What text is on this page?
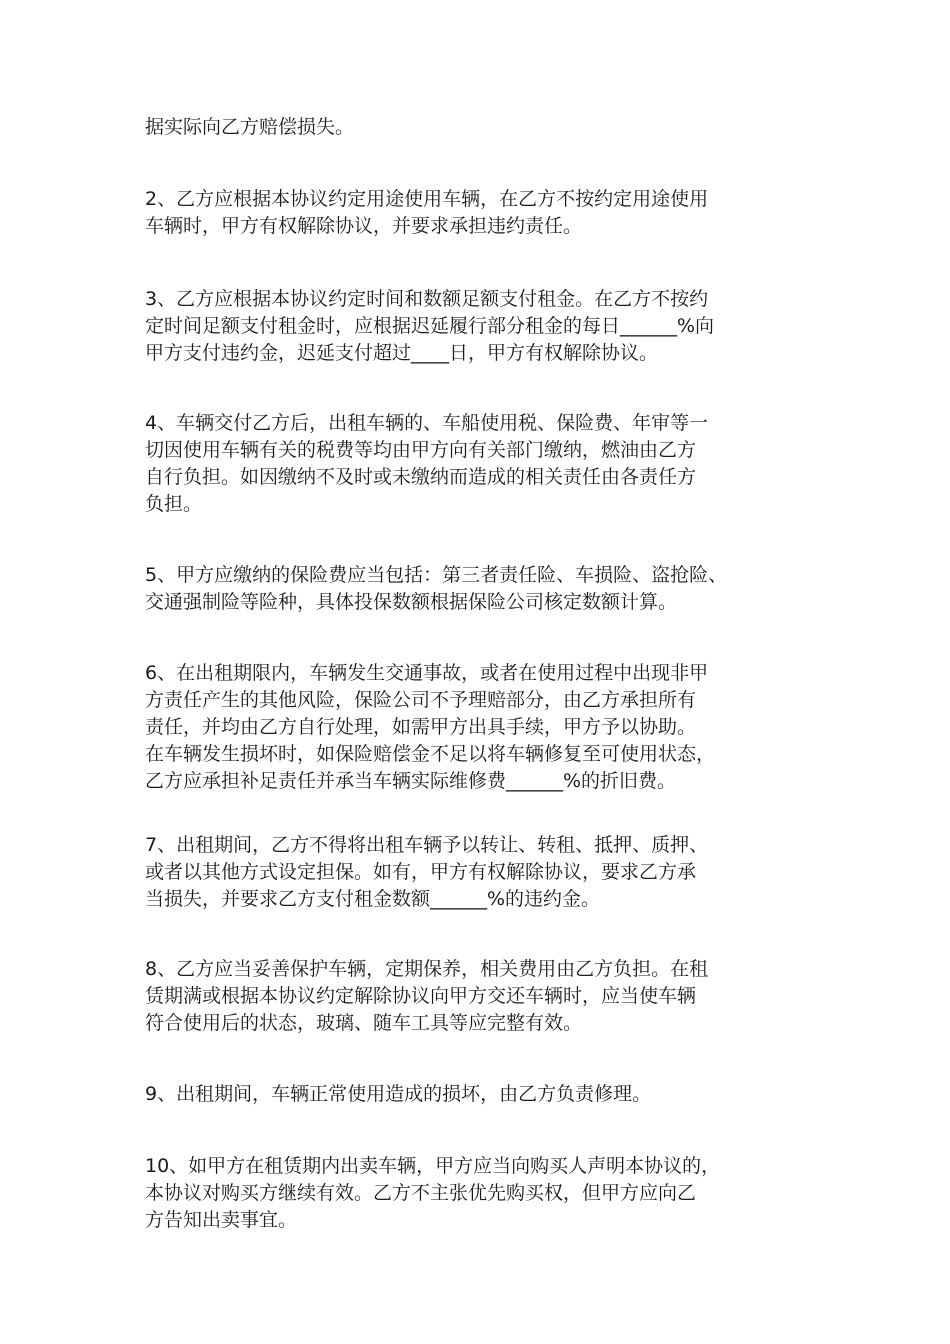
据实际向乙方赔偿损失。
2、乙方应根据本协议约定用途使用车辆，在乙方不按约定用途使用
车辆时，甲方有权解除协议，并要求承担违约责任。
3、乙方应根据本协议约定时间和数额足额支付租金。在乙方不按约
定时间足额支付租金时，应根据迟延履行部分租金的每日______%向
甲方支付违约金，迟延支付超过____日，甲方有权解除协议。
4、车辆交付乙方后，出租车辆的、车船使用税、保险费、年审等一
切因使用车辆有关的税费等均由甲方向有关部门缴纳，燃油由乙方
自行负担。如因缴纳不及时或未缴纳而造成的相关责任由各责任方
负担。
5、甲方应缴纳的保险费应当包括：第三者责任险、车损险、盗抢险、
交通强制险等险种，具体投保数额根据保险公司核定数额计算。
6、在出租期限内，车辆发生交通事故，或者在使用过程中出现非甲
方责任产生的其他风险，保险公司不予理赔部分，由乙方承担所有
责任，并均由乙方自行处理，如需甲方出具手续，甲方予以协助。
在车辆发生损坏时，如保险赔偿金不足以将车辆修复至可使用状态，
乙方应承担补足责任并承当车辆实际维修费______%的折旧费。
7、出租期间，乙方不得将出租车辆予以转让、转租、抵押、质押、
或者以其他方式设定担保。如有，甲方有权解除协议，要求乙方承
当损失，并要求乙方支付租金数额______%的违约金。
8、乙方应当妥善保护车辆，定期保养，相关费用由乙方负担。在租
赁期满或根据本协议约定解除协议向甲方交还车辆时，应当使车辆
符合使用后的状态，玻璃、随车工具等应完整有效。
9、出租期间，车辆正常使用造成的损坏，由乙方负责修理。
10、如甲方在租赁期内出卖车辆，甲方应当向购买人声明本协议的，
本协议对购买方继续有效。乙方不主张优先购买权，但甲方应向乙
方告知出卖事宜。
